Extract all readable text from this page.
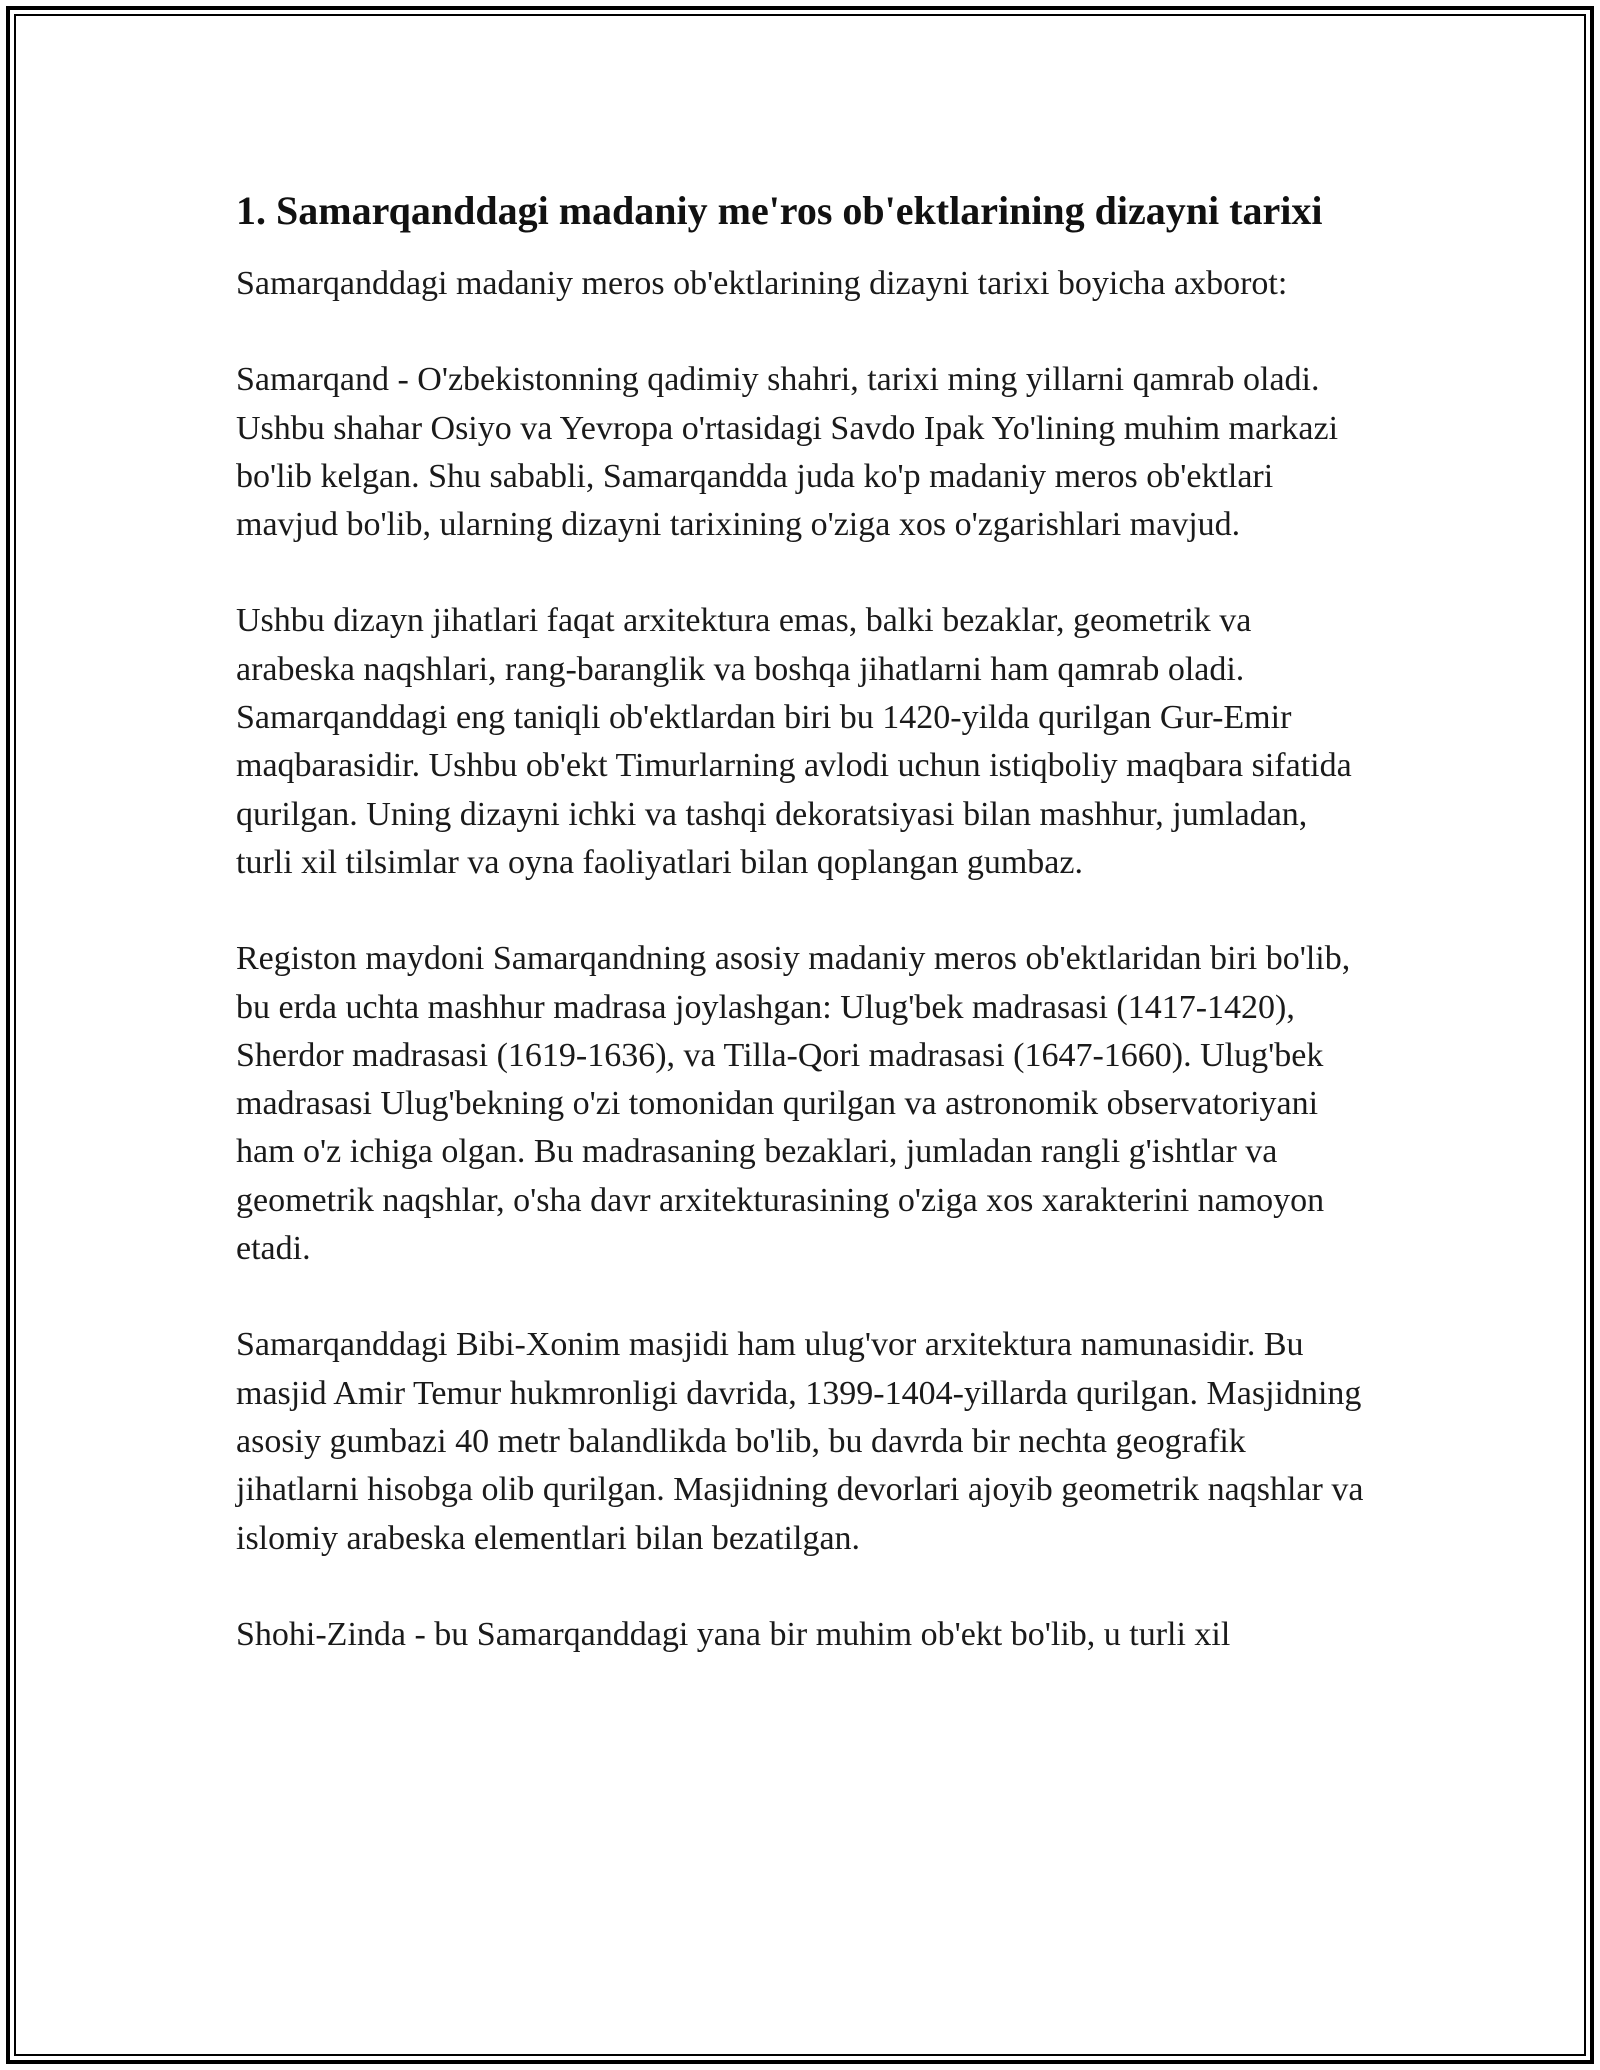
1. Samarqanddagi madaniy me'ros ob'ektlarining dizayni tarixi

Samarqanddagi madaniy meros ob'ektlarining dizayni tarixi boyicha axborot:

Samarqand - O'zbekistonning qadimiy shahri, tarixi ming yillarni qamrab oladi. Ushbu shahar Osiyo va Yevropa o'rtasidagi Savdo Ipak Yo'lining muhim markazi bo'lib kelgan. Shu sababli, Samarqandda juda ko'p madaniy meros ob'ektlari mavjud bo'lib, ularning dizayni tarixining o'ziga xos o'zgarishlari mavjud.

Ushbu dizayn jihatlari faqat arxitektura emas, balki bezaklar, geometrik va arabeska naqshlari, rang-baranglik va boshqa jihatlarni ham qamrab oladi. Samarqanddagi eng taniqli ob'ektlardan biri bu 1420-yilda qurilgan Gur-Emir maqbarasidir. Ushbu ob'ekt Timurlarning avlodi uchun istiqboliy maqbara sifatida qurilgan. Uning dizayni ichki va tashqi dekoratsiyasi bilan mashhur, jumladan, turli xil tilsimlar va oyna faoliyatlari bilan qoplangan gumbaz.

Registon maydoni Samarqandning asosiy madaniy meros ob'ektlaridan biri bo'lib, bu erda uchta mashhur madrasa joylashgan: Ulug'bek madrasasi (1417-1420), Sherdor madrasasi (1619-1636), va Tilla-Qori madrasasi (1647-1660). Ulug'bek madrasasi Ulug'bekning o'zi tomonidan qurilgan va astronomik observatoriyani ham o'z ichiga olgan. Bu madrasaning bezaklari, jumladan rangli g'ishtlar va geometrik naqshlar, o'sha davr arxitekturasining o'ziga xos xarakterini namoyon etadi.

Samarqanddagi Bibi-Xonim masjidi ham ulug'vor arxitektura namunasidir. Bu masjid Amir Temur hukmronligi davrida, 1399-1404-yillarda qurilgan. Masjidning asosiy gumbazi 40 metr balandlikda bo'lib, bu davrda bir nechta geografik jihatlarni hisobga olib qurilgan. Masjidning devorlari ajoyib geometrik naqshlar va islomiy arabeska elementlari bilan bezatilgan.

Shohi-Zinda - bu Samarqanddagi yana bir muhim ob'ekt bo'lib, u turli xil
